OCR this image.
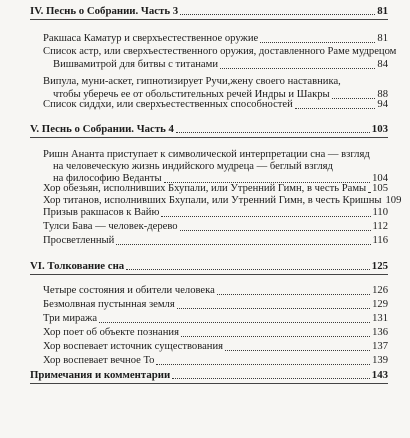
IV. Песнь о Собрании. Часть 3	81
Ракшаса Каматур и сверхъестественное оружие	81
Список астр, или сверхъестественного оружия, доставленного Раме мудрецом
Вишвамитрой для битвы с титанами	84
Випула, муни-аскет, гипнотизирует Ручи,жену своего наставника,
чтобы уберечь ее от обольстительных речей Индры и Шакры	88
Список сиддхи, или сверхъестественных способностей	94
V. Песнь о Собрании. Часть 4	103
Ришн Ананта приступает к символической интерпретации сна — взгляд
на человеческую жизнь индийского мудреца — беглый взгляд
на философию Веданты	104
Хор обезьян, исполнивших Бхупали, или Утренний Гимн, в честь Рамы 105
Хор титанов, исполнивших Бхупали, или Утренний Гимн, в честь Кришны 109
Призыв ракшасов к Вайю	110
Тулси Бава — человек-дерево	112
Просветленный	116
VI. Толкование сна	125
Четыре состояния и обители человека	126
Безмолвная пустынная земля	129
Три миража	131
Хор поет об объекте познания	136
Хор воспевает источник существования	137
Хор воспевает вечное То	139
Примечания и комментарии	143
